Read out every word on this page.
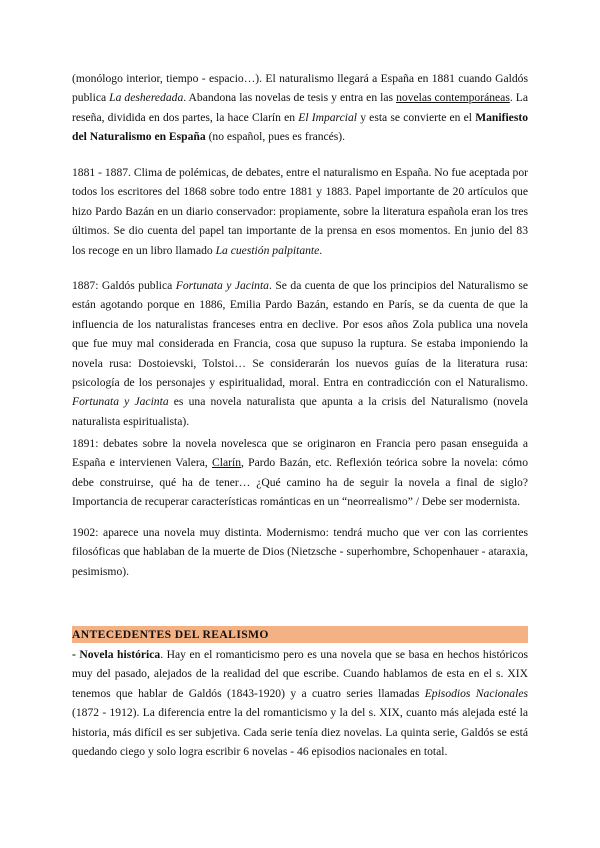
(monólogo interior, tiempo - espacio…). El naturalismo llegará a España en 1881 cuando Galdós publica La desheredada. Abandona las novelas de tesis y entra en las novelas contemporáneas. La reseña, dividida en dos partes, la hace Clarín en El Imparcial y esta se convierte en el Manifiesto del Naturalismo en España (no español, pues es francés).

1881 - 1887. Clima de polémicas, de debates, entre el naturalismo en España. No fue aceptada por todos los escritores del 1868 sobre todo entre 1881 y 1883. Papel importante de 20 artículos que hizo Pardo Bazán en un diario conservador: propiamente, sobre la literatura española eran los tres últimos. Se dio cuenta del papel tan importante de la prensa en esos momentos. En junio del 83 los recoge en un libro llamado La cuestión palpitante.

1887: Galdós publica Fortunata y Jacinta. Se da cuenta de que los principios del Naturalismo se están agotando porque en 1886, Emilia Pardo Bazán, estando en París, se da cuenta de que la influencia de los naturalistas franceses entra en declive. Por esos años Zola publica una novela que fue muy mal considerada en Francia, cosa que supuso la ruptura. Se estaba imponiendo la novela rusa: Dostoievski, Tolstoi… Se considerarán los nuevos guías de la literatura rusa: psicología de los personajes y espiritualidad, moral. Entra en contradicción con el Naturalismo. Fortunata y Jacinta es una novela naturalista que apunta a la crisis del Naturalismo (novela naturalista espiritualista).

1891: debates sobre la novela novelesca que se originaron en Francia pero pasan enseguida a España e intervienen Valera, Clarín, Pardo Bazán, etc. Reflexión teórica sobre la novela: cómo debe construirse, qué ha de tener… ¿Qué camino ha de seguir la novela a final de siglo? Importancia de recuperar características románticas en un “neorrealismo” / Debe ser modernista.

1902: aparece una novela muy distinta. Modernismo: tendrá mucho que ver con las corrientes filosóficas que hablaban de la muerte de Dios (Nietzsche - superhombre, Schopenhauer - ataraxia, pesimismo).

ANTECEDENTES DEL REALISMO

- Novela histórica. Hay en el romanticismo pero es una novela que se basa en hechos históricos muy del pasado, alejados de la realidad del que escribe. Cuando hablamos de esta en el s. XIX tenemos que hablar de Galdós (1843-1920) y a cuatro series llamadas Episodios Nacionales (1872 - 1912). La diferencia entre la del romanticismo y la del s. XIX, cuanto más alejada esté la historia, más difícil es ser subjetiva. Cada serie tenía diez novelas. La quinta serie, Galdós se está quedando ciego y solo logra escribir 6 novelas - 46 episodios nacionales en total.
